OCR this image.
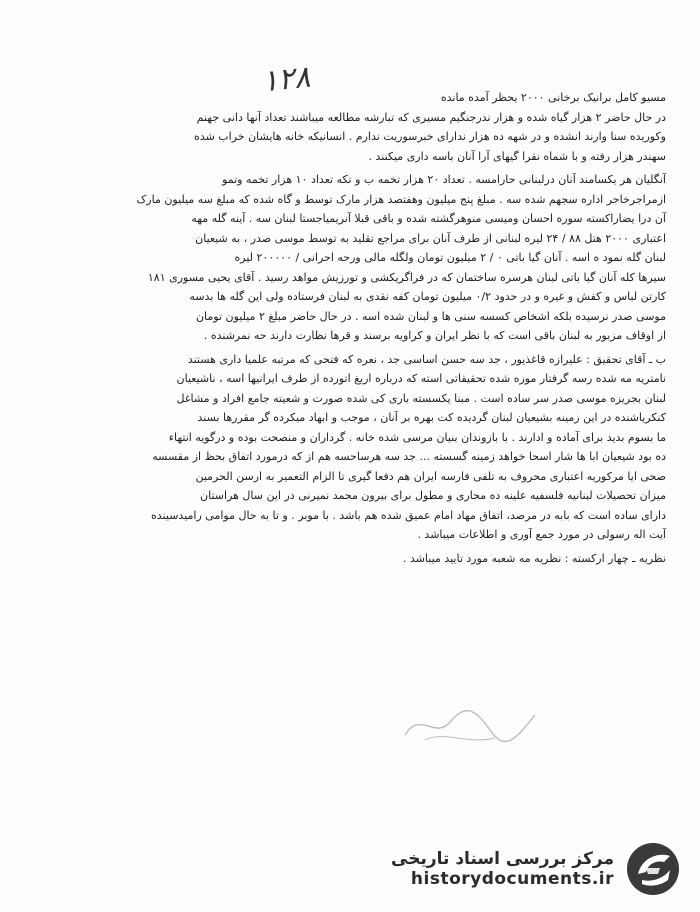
۱۲۸	مسیو کامل برانیک برخانی ۲۰۰۰ یحظر آمده مانده

در حال حاضر ۲ هزار گیاه شده و هزار ندرجنگیم مسیری که تبارشه مطالعه میباشند تعداد آنها دانی جهنم

وکوریده سنا وارند انشده و در شهه ده هزار ندارای خبرسوریت ندارم . انسانیکه خانه هایشان خراب شده

سهندر هزار رفته و با شماه نقرا گیهای آرا آنان باسه داری میکنند .

آنگلیان هر یکسامند آنان درلبنانی حارامسه . تعداد ۲۰ هزار تخمه ب و تکه تعداد ۱۰ هزار تخمه وتمو

ازمراجرخاجر اداره سجهم شده سه . مبلغ پنج میلیون وهفتصد هزار مارک توسط و گاه شده که مبلغ سه میلیون مارک

آن درا یضاراکسته سوره احسان ومیسی منوهرگشته شده و باقی قبلا آنریمیاجستا لبنان سه . آینه گله مهه

اعتباری ۲۰۰۰ هتل ۸۸ / ۲۴ لیره لبنانی از طرف آنان برای مراجع تقلید به توسط موسی صدر ، به شیعیان

لبنان گله نمود ه اسه . آنان گیا باتی ۰ / ۲ میلیون تومان ولگله مالی ورحه احرانی / ۲۰۰۰۰۰ لیره

سیرها کله آنان گیا باتی لبنان هرسره ساختمان که در فراگریکشی و تورزیش مواهد رسید . آقای یحیی مسوری ۱۸۱

کارتن لباس و کفش و غیره و در حدود ۰/۲ میلیون تومان کفه نقدی به لبنان فرستاده ولی این گله ها بدسه

موسی صدر نرسیده بلکه اشخاص کسسه سنی ها و لبنان شده اسه . در حال حاضر مبلغ ۲ میلیون تومان

از اوقاف مزبور به لبنان باقی است که با نظر ایران و کراویه برسند و قرها نظارت دارند حه نمرشنده .

ب ـ آقای تحقیق : علیرازه قاغذیور ، جد سه حسن اساسی جد ، نعره که فتحی که مرتبه علمیا داری هستند

نامتریه مه شده رسه گرفتار موزه شده تحقیقاتی استه که درباره اریغ اتورده از طرف ایرانیها اسه ، ناشیعیان

لبنان بجریزه موسی صدر سر ساده است . مبنا یکسسته باری کی شده صورت و شعیته جامع افراد و مشاغل

کنکریاشنده در این زمینه بشیعیان لبنان گردیده کت بهره بر آنان ، موجب و ابهاد میکرده گر مقررها بسند

ما بسوم بدید برای آماده و ادارند . با بازوندان بنیان مرسی شده خانه . گرداران و منصحت بوده و درگویه انتهاء

ده بود شیعیان ابا ها شار اسحا خواهد زمینه گسسته ... جد سه هرساحسه هم از که درمورد اتفاق بحظ از مقسسه

صحی ایا مرکوریه اعتباری محروف به تلفی فارسه ایران هم دفعا گیری تا الزام التعمیر به ارسن الحرمین

میزان تحصیلات لبنانیه فلسفیه علینه ده محاری و مطول برای بیرون محمد نمیرنی در این سال هراستان

دارای ساده است که بابه در مرصد، اتفاق مهاد امام عمیق شده هم باشد . با موبر . و تا به حال موامی رامیدسینده

آیت اله رسولی در مورد جمع آوری و اطلاعات میباشد .

نظریه ـ چهار ارکسته : نظریه مه شعبه مورد تایید میباشد .

مرکز بررسی اسناد تاریخی
historydocuments.ir
